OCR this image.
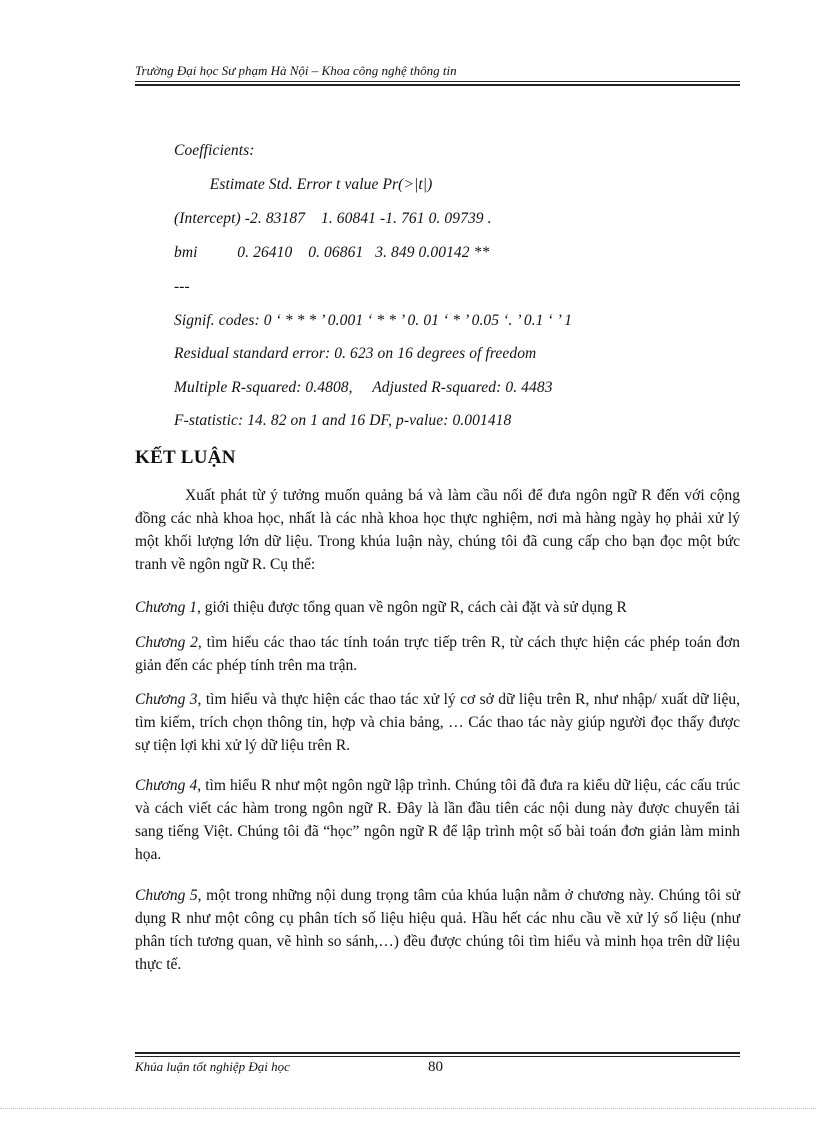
Trường Đại học Sư phạm Hà Nội – Khoa công nghệ thông tin
Coefficients:
Estimate Std. Error t value Pr(>|t|)
(Intercept) -2. 83187    1. 60841 -1. 761 0. 09739 .
bmi          0. 26410    0. 06861   3. 849 0.00142 **
---
Signif. codes: 0 ‘ * * * ’ 0.001 ‘ * * ’ 0. 01 ‘ * ’ 0.05 ‘. ’ 0.1 ‘ ’ 1
Residual standard error: 0. 623 on 16 degrees of freedom
Multiple R-squared: 0.4808,     Adjusted R-squared: 0. 4483
F-statistic: 14. 82 on 1 and 16 DF, p-value: 0.001418
KẾT LUẬN
Xuất phát từ ý tưởng muốn quảng bá và làm cầu nối để đưa ngôn ngữ R đến với cộng đồng các nhà khoa học, nhất là các nhà khoa học thực nghiệm, nơi mà hàng ngày họ phải xử lý một khối lượng lớn dữ liệu. Trong khúa luận này, chúng tôi đã cung cấp cho bạn đọc một bức tranh về ngôn ngữ R. Cụ thể:
Chương 1, giới thiệu được tổng quan về ngôn ngữ R, cách cài đặt và sử dụng R
Chương 2, tìm hiểu các thao tác tính toán trực tiếp trên R, từ cách thực hiện các phép toán đơn giản đến các phép tính trên ma trận.
Chương 3, tìm hiểu và thực hiện các thao tác xử lý cơ sở dữ liệu trên R, như nhập/ xuất dữ liệu, tìm kiếm, trích chọn thông tin, hợp và chia bảng, … Các thao tác này giúp người đọc thấy được sự tiện lợi khi xử lý dữ liệu trên R.
Chương 4, tìm hiểu R như một ngôn ngữ lập trình. Chúng tôi đã đưa ra kiểu dữ liệu, các cấu trúc và cách viết các hàm trong ngôn ngữ R. Đây là lần đầu tiên các nội dung này được chuyển tải sang tiếng Việt. Chúng tôi đã “học” ngôn ngữ R để lập trình một số bài toán đơn giản làm minh họa.
Chương 5, một trong những nội dung trọng tâm của khúa luận nằm ở chương này. Chúng tôi sử dụng R như một công cụ phân tích số liệu hiệu quả. Hầu hết các nhu cầu về xử lý số liệu (như phân tích tương quan, vẽ hình so sánh,…) đều được chúng tôi tìm hiểu và minh họa trên dữ liệu thực tế.
Khúa luận tốt nghiệp Đại học	80
